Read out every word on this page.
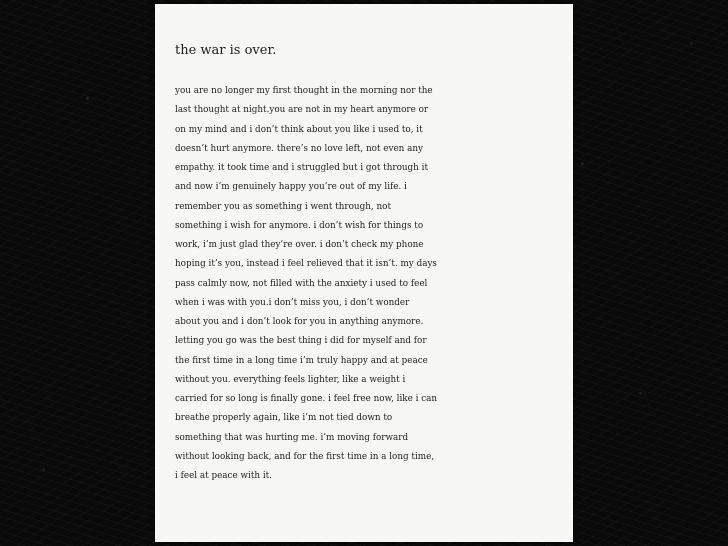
the war is over.
you are no longer my first thought in the morning nor the
last thought at night.you are not in my heart anymore or
on my mind and i don’t think about you like i used to, it
doesn’t hurt anymore. there’s no love left, not even any
empathy. it took time and i struggled but i got through it
and now i’m genuinely happy you’re out of my life. i
remember you as something i went through, not
something i wish for anymore. i don’t wish for things to
work, i’m just glad they’re over. i don’t check my phone
hoping it’s you, instead i feel relieved that it isn’t. my days
pass calmly now, not filled with the anxiety i used to feel
when i was with you.i don’t miss you, i don’t wonder
about you and i don’t look for you in anything anymore.
letting you go was the best thing i did for myself and for
the first time in a long time i’m truly happy and at peace
without you. everything feels lighter, like a weight i
carried for so long is finally gone. i feel free now, like i can
breathe properly again, like i’m not tied down to
something that was hurting me. i’m moving forward
without looking back, and for the first time in a long time,
i feel at peace with it.
